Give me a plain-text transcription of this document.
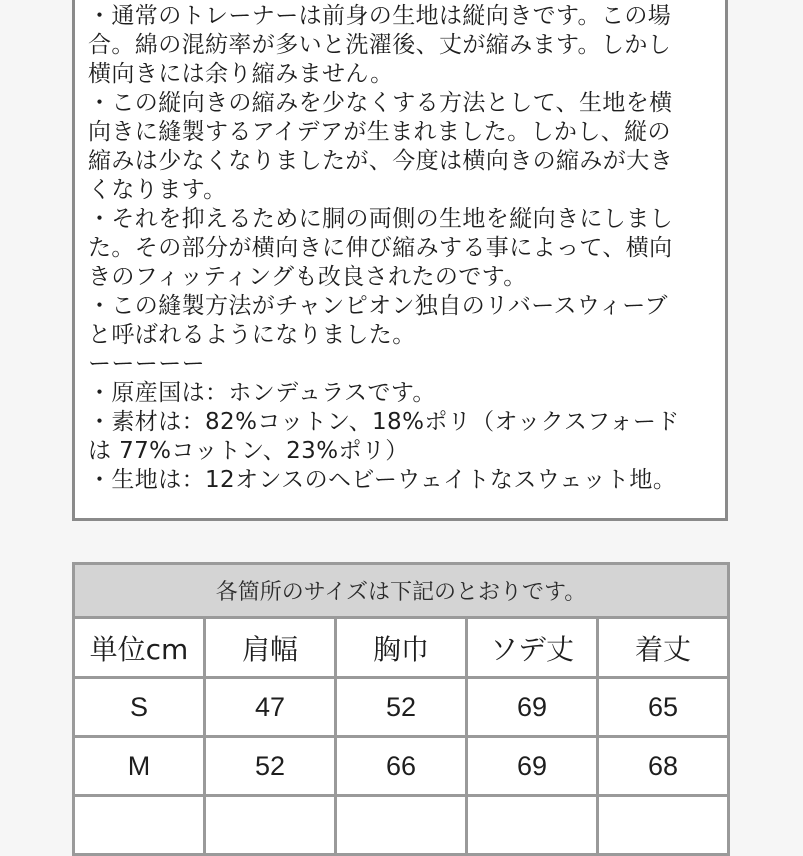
・通常のトレーナーは前身の生地は縦向きです。この場

合。綿の混紡率が多いと洗濯後、丈が縮みます。しかし

横向きには余り縮みません。

・この縦向きの縮みを少なくする方法として、生地を横

向きに縫製するアイデアが生まれました。しかし、縦の

縮みは少なくなりましたが、今度は横向きの縮みが大き

くなります。

・それを抑えるために胴の両側の生地を縦向きにしまし

た。その部分が横向きに伸び縮みする事によって、横向

きのフィッティングも改良されたのです。

・この縫製方法がチャンピオン独自のリバースウィーブ

と呼ばれるようになりました。

ーーーーー

・原産国は：ホンデュラスです。

・素材は：82%コットン、18%ポリ（オックスフォード

は 77%コットン、23%ポリ）

・生地は：12オンスのヘビーウェイトなスウェット地。

各箇所のサイズは下記のとおりです。				
単位cm	肩幅	胸巾	ソデ丈	着丈
S	47	52	69	65
M	52	66	69	68
